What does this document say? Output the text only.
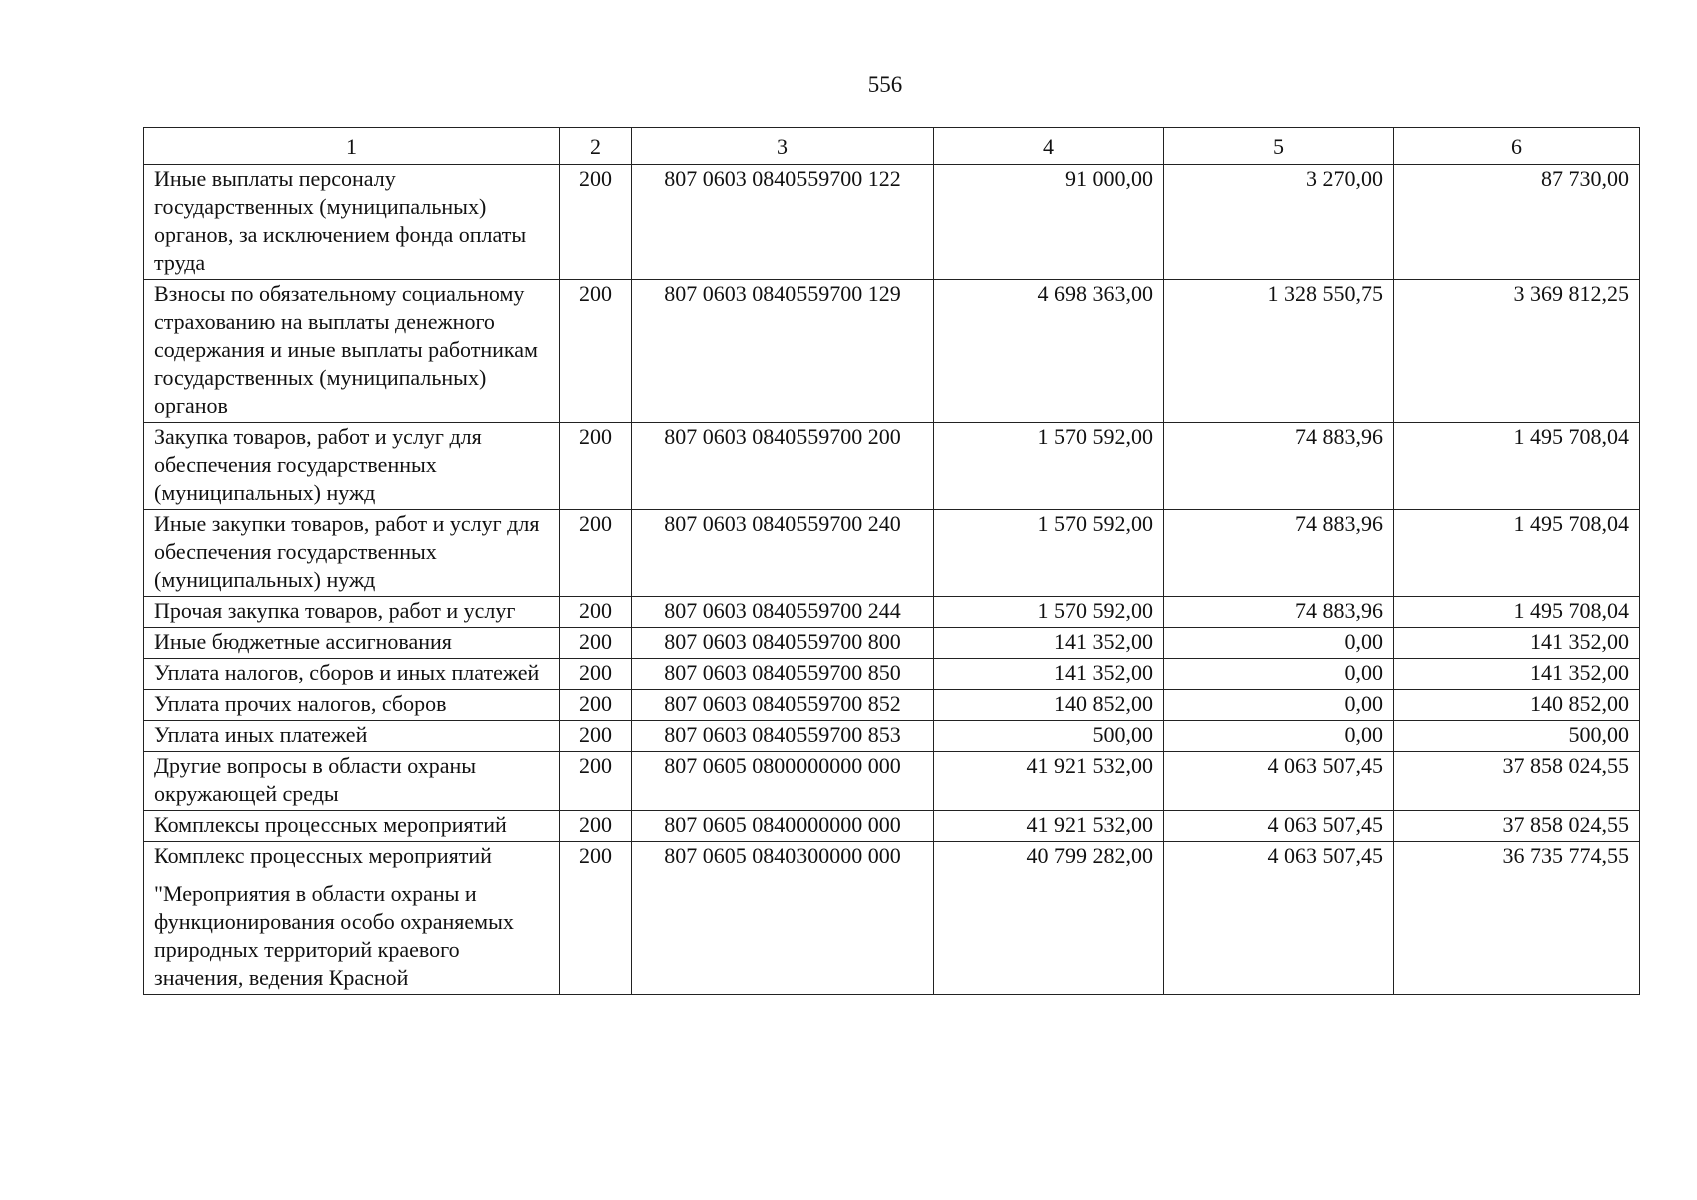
556
1	2	3	4	5	6

Иные выплаты персоналу государственных (муниципальных) органов, за исключением фонда оплаты труда	200	807 0603 0840559700 122	91 000,00	3 270,00	87 730,00

Взносы по обязательному социальному страхованию на выплаты денежного содержания и иные выплаты работникам государственных (муниципальных) органов	200	807 0603 0840559700 129	4 698 363,00	1 328 550,75	3 369 812,25

Закупка товаров, работ и услуг для обеспечения государственных (муниципальных) нужд	200	807 0603 0840559700 200	1 570 592,00	74 883,96	1 495 708,04

Иные закупки товаров, работ и услуг для обеспечения государственных (муниципальных) нужд	200	807 0603 0840559700 240	1 570 592,00	74 883,96	1 495 708,04

Прочая закупка товаров, работ и услуг	200	807 0603 0840559700 244	1 570 592,00	74 883,96	1 495 708,04

Иные бюджетные ассигнования	200	807 0603 0840559700 800	141 352,00	0,00	141 352,00

Уплата налогов, сборов и иных платежей	200	807 0603 0840559700 850	141 352,00	0,00	141 352,00

Уплата прочих налогов, сборов	200	807 0603 0840559700 852	140 852,00	0,00	140 852,00

Уплата иных платежей	200	807 0603 0840559700 853	500,00	0,00	500,00

Другие вопросы в области охраны окружающей среды	200	807 0605 0800000000 000	41 921 532,00	4 063 507,45	37 858 024,55

Комплексы процессных мероприятий	200	807 0605 0840000000 000	41 921 532,00	4 063 507,45	37 858 024,55

Комплекс процессных мероприятий
"Мероприятия в области охраны и функционирования особо охраняемых природных территорий краевого значения, ведения Красной	200	807 0605 0840300000 000	40 799 282,00	4 063 507,45	36 735 774,55
